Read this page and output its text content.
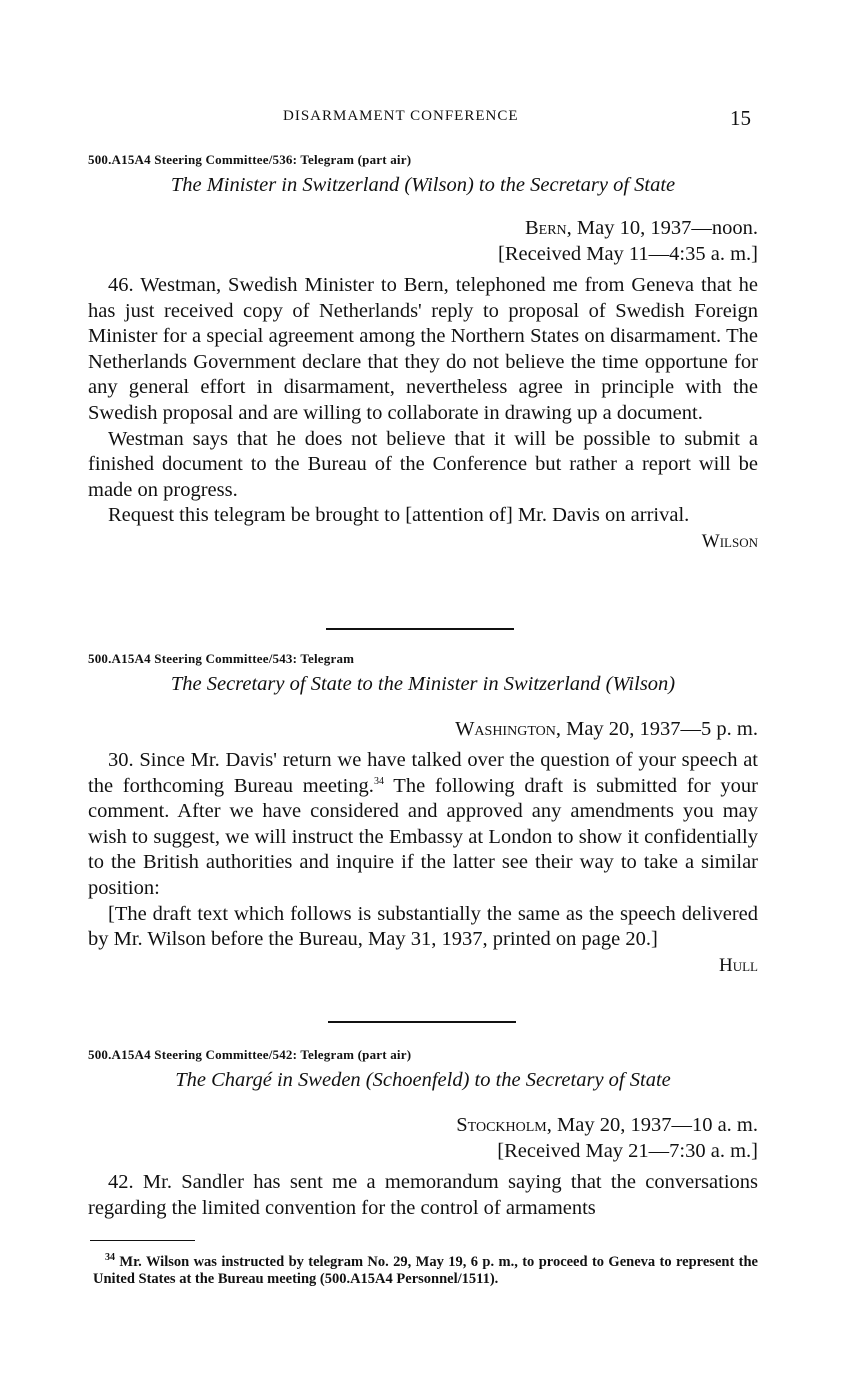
DISARMAMENT CONFERENCE	15
500.A15A4 Steering Committee/536: Telegram (part air)
The Minister in Switzerland (Wilson) to the Secretary of State
Bern, May 10, 1937—noon.
[Received May 11—4:35 a. m.]

46. Westman, Swedish Minister to Bern, telephoned me from Geneva that he has just received copy of Netherlands' reply to proposal of Swedish Foreign Minister for a special agreement among the Northern States on disarmament. The Netherlands Government declare that they do not believe the time opportune for any general effort in disarmament, nevertheless agree in principle with the Swedish proposal and are willing to collaborate in drawing up a document.

Westman says that he does not believe that it will be possible to submit a finished document to the Bureau of the Conference but rather a report will be made on progress.

Request this telegram be brought to [attention of] Mr. Davis on arrival.

Wilson
500.A15A4 Steering Committee/543: Telegram
The Secretary of State to the Minister in Switzerland (Wilson)
Washington, May 20, 1937—5 p. m.

30. Since Mr. Davis' return we have talked over the question of your speech at the forthcoming Bureau meeting.$^{34}$ The following draft is submitted for your comment. After we have considered and approved any amendments you may wish to suggest, we will instruct the Embassy at London to show it confidentially to the British authorities and inquire if the latter see their way to take a similar position:

[The draft text which follows is substantially the same as the speech delivered by Mr. Wilson before the Bureau, May 31, 1937, printed on page 20.]

Hull
500.A15A4 Steering Committee/542: Telegram (part air)
The Chargé in Sweden (Schoenfeld) to the Secretary of State
Stockholm, May 20, 1937—10 a. m.
[Received May 21—7:30 a. m.]

42. Mr. Sandler has sent me a memorandum saying that the conversations regarding the limited convention for the control of armaments

$^{34}$ Mr. Wilson was instructed by telegram No. 29, May 19, 6 p. m., to proceed to Geneva to represent the United States at the Bureau meeting (500.A15A4 Personnel/1511).
